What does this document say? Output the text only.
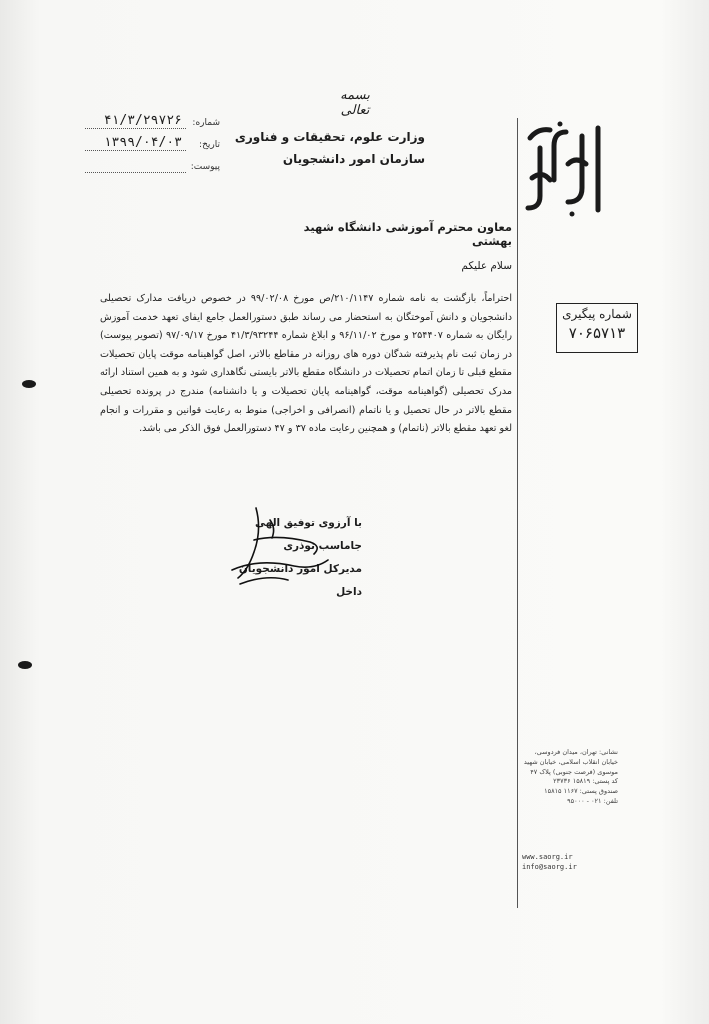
بسمه تعالی
وزارت علوم، تحقیقات و فناوری
سازمان امور دانشجویان
شماره:
۴۱/۳/۲۹۷۲۶
تاریخ:
۱۳۹۹/۰۴/۰۳
پیوست:
معاون محترم آموزشی دانشگاه شهید بهشتی
سلام علیکم

احتراماً، بازگشت به نامه شماره ۲۱۰/۱۱۴۷/ص مورخ ۹۹/۰۲/۰۸ در خصوص دریافت مدارک تحصیلی دانشجویان و دانش آموختگان به استحضار می رساند طبق دستورالعمل جامع ایفای تعهد خدمت آموزش رایگان به شماره ۲۵۴۴۰۷ و مورخ ۹۶/۱۱/۰۲ و ابلاغ شماره ۴۱/۳/۹۳۲۴۴ مورخ ۹۷/۰۹/۱۷ (تصویر پیوست) در زمان ثبت نام پذیرفته شدگان دوره های روزانه در مقاطع بالاتر، اصل گواهینامه موقت پایان تحصیلات مقطع قبلی تا زمان اتمام تحصیلات در دانشگاه مقطع بالاتر بایستی نگاهداری شود و به همین استناد ارائه مدرک تحصیلی (گواهینامه موقت، گواهینامه پایان تحصیلات و یا دانشنامه) مندرج در پرونده تحصیلی مقطع بالاتر در حال تحصیل و یا ناتمام (انصرافی و اخراجی) منوط به رعایت قوانین و مقررات و انجام لغو تعهد مقطع بالاتر (ناتمام) و همچنین رعایت ماده ۳۷ و ۴۷ دستورالعمل فوق الذکر می باشد.

شماره پیگیری
۷۰۶۵۷۱۳
با آرزوی توفیق الهی
جاماسب نوذری
مدیرکل امور دانشجویان داخل
نشانی: تهران، میدان فردوسی،
خیابان انقلاب اسلامی، خیابان شهید
موسوی (فرصت جنوبی) پلاک ۴۷
کد پستی: ۱۵۸۱۹ ۲۳۷۳۶
صندوق پستی: ۱۱۶۷ ۱۵۸۱۵
تلفن: ۰۲۱ - ۹۵۰۰۰
www.saorg.ir
info@saorg.ir
